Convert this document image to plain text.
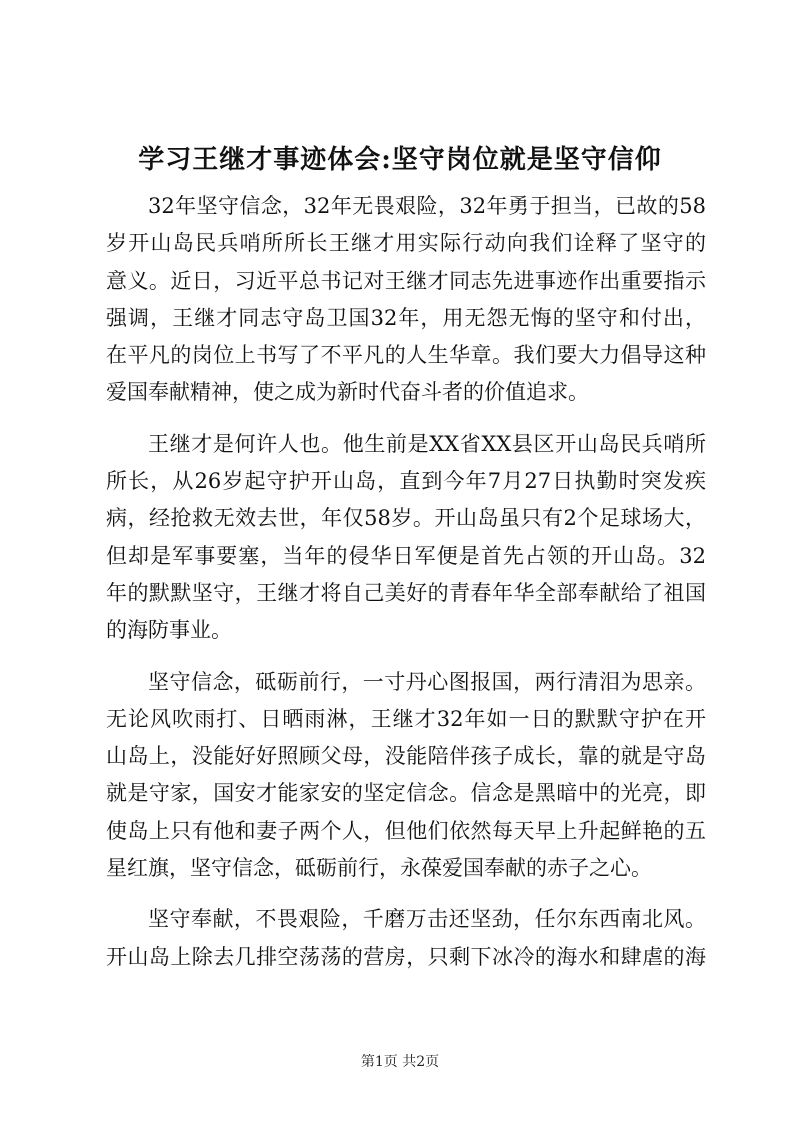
学习王继才事迹体会:坚守岗位就是坚守信仰
32年坚守信念，32年无畏艰险，32年勇于担当，已故的58
岁开山岛民兵哨所所长王继才用实际行动向我们诠释了坚守的
意义。近日，习近平总书记对王继才同志先进事迹作出重要指示
强调，王继才同志守岛卫国32年，用无怨无悔的坚守和付出，
在平凡的岗位上书写了不平凡的人生华章。我们要大力倡导这种
爱国奉献精神，使之成为新时代奋斗者的价值追求。
王继才是何许人也。他生前是XX省XX县区开山岛民兵哨所
所长，从26岁起守护开山岛，直到今年7月27日执勤时突发疾
病，经抢救无效去世，年仅58岁。开山岛虽只有2个足球场大，
但却是军事要塞，当年的侵华日军便是首先占领的开山岛。32
年的默默坚守，王继才将自己美好的青春年华全部奉献给了祖国
的海防事业。
坚守信念，砥砺前行，一寸丹心图报国，两行清泪为思亲。
无论风吹雨打、日晒雨淋，王继才32年如一日的默默守护在开
山岛上，没能好好照顾父母，没能陪伴孩子成长，靠的就是守岛
就是守家，国安才能家安的坚定信念。信念是黑暗中的光亮，即
使岛上只有他和妻子两个人，但他们依然每天早上升起鲜艳的五
星红旗，坚守信念，砥砺前行，永葆爱国奉献的赤子之心。
坚守奉献，不畏艰险，千磨万击还坚劲，任尔东西南北风。
开山岛上除去几排空荡荡的营房，只剩下冰冷的海水和肆虐的海
第1页 共2页
